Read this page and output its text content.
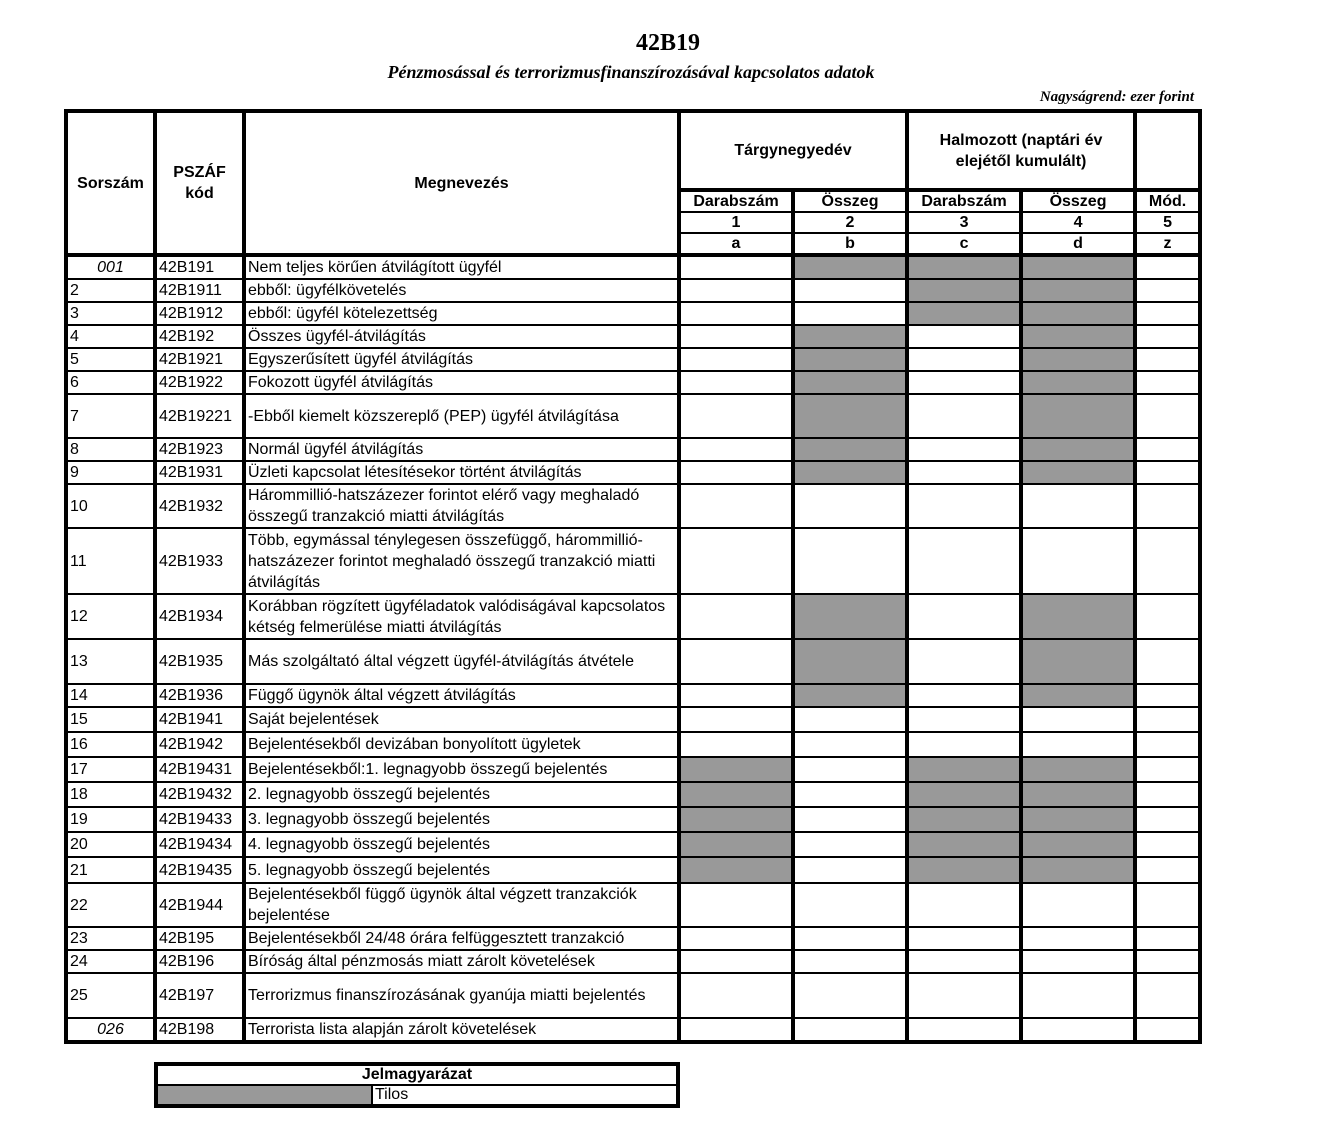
42B19
Pénzmosással és terrorizmusfinanszírozásával kapcsolatos adatok
Nagyságrend: ezer forint
Sorszám	PSZÁF kód	Megnevezés	Tárgynegyedév		Halmozott (naptári év elejétől kumulált)		
			Darabszám	Összeg	Darabszám	Összeg	Mód.
			1	2	3	4	5
			a	b	c	d	z
001	42B191	Nem teljes körűen átvilágított ügyfél					
2	42B1911	ebből: ügyfélkövetelés					
3	42B1912	ebből: ügyfél kötelezettség					
4	42B192	Összes ügyfél-átvilágítás					
5	42B1921	Egyszerűsített ügyfél átvilágítás					
6	42B1922	Fokozott ügyfél átvilágítás					
7	42B19221	-Ebből kiemelt közszereplő (PEP) ügyfél átvilágítása					
8	42B1923	Normál ügyfél átvilágítás					
9	42B1931	Üzleti kapcsolat létesítésekor történt átvilágítás					
10	42B1932	Hárommillió-hatszázezer forintot elérő vagy meghaladó összegű tranzakció miatti átvilágítás					
11	42B1933	Több, egymással ténylegesen összefüggő, hárommillió-hatszázezer forintot meghaladó összegű tranzakció miatti átvilágítás					
12	42B1934	Korábban rögzített ügyféladatok valódiságával kapcsolatos kétség felmerülése miatti átvilágítás					
13	42B1935	Más szolgáltató által végzett ügyfél-átvilágítás átvétele					
14	42B1936	Függő ügynök által végzett átvilágítás					
15	42B1941	Saját bejelentések					
16	42B1942	Bejelentésekből devizában bonyolított ügyletek					
17	42B19431	Bejelentésekből:1. legnagyobb összegű bejelentés					
18	42B19432	2. legnagyobb összegű bejelentés					
19	42B19433	3. legnagyobb összegű bejelentés					
20	42B19434	4. legnagyobb összegű bejelentés					
21	42B19435	5. legnagyobb összegű bejelentés					
22	42B1944	Bejelentésekből függő ügynök által végzett tranzakciók bejelentése					
23	42B195	Bejelentésekből 24/48 órára felfüggesztett tranzakció					
24	42B196	Bíróság által pénzmosás miatt zárolt követelések					
25	42B197	Terrorizmus finanszírozásának gyanúja miatti bejelentés					
026	42B198	Terrorista lista alapján zárolt követelések					
Jelmagyarázat
	Tilos
